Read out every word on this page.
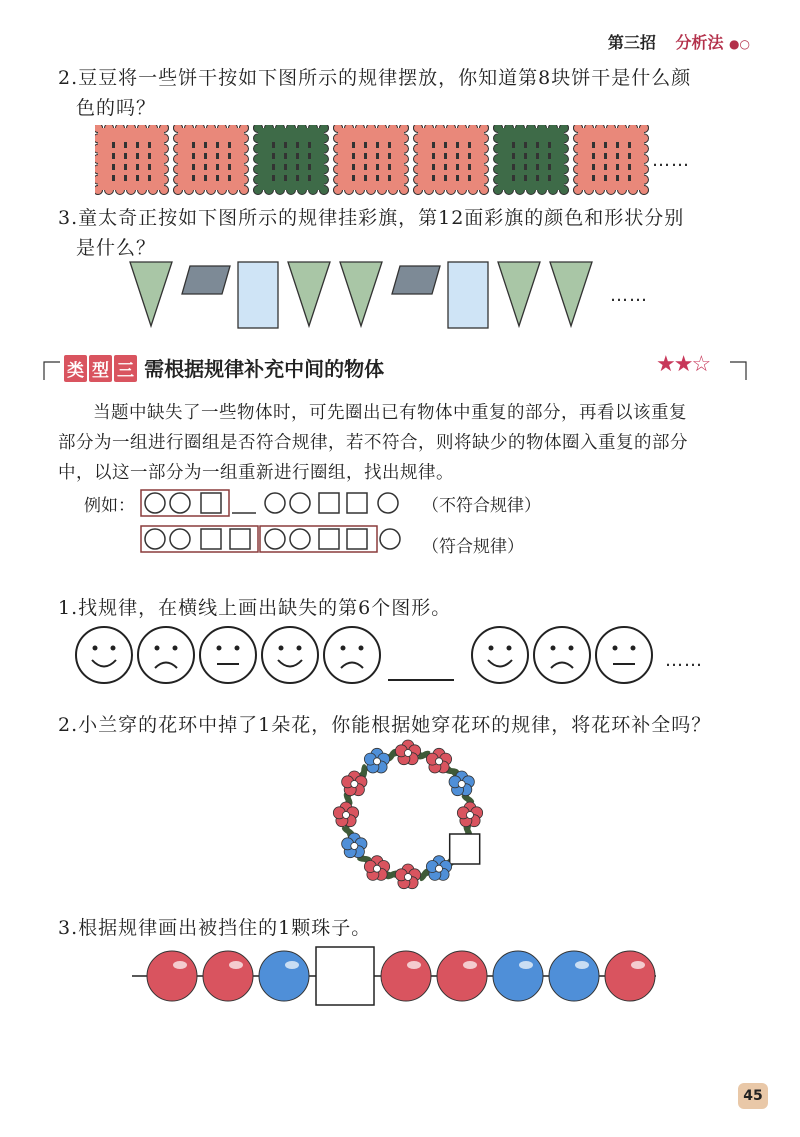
第三招 分析法 ●○
2.豆豆将一些饼干按如下图所示的规律摆放，你知道第8块饼干是什么颜
色的吗？
……
3.童太奇正按如下图所示的规律挂彩旗，第12面彩旗的颜色和形状分别
是什么？
……
类 型 三 需根据规律补充中间的物体	★★☆
当题中缺失了一些物体时，可先圈出已有物体中重复的部分，再看以该重复
部分为一组进行圈组是否符合规律，若不符合，则将缺少的物体圈入重复的部分
中，以这一部分为一组重新进行圈组，找出规律。
例如：	（不符合规律）
（符合规律）
1.找规律，在横线上画出缺失的第6个图形。
……
2.小兰穿的花环中掉了1朵花，你能根据她穿花环的规律，将花环补全吗？
3.根据规律画出被挡住的1颗珠子。
45
